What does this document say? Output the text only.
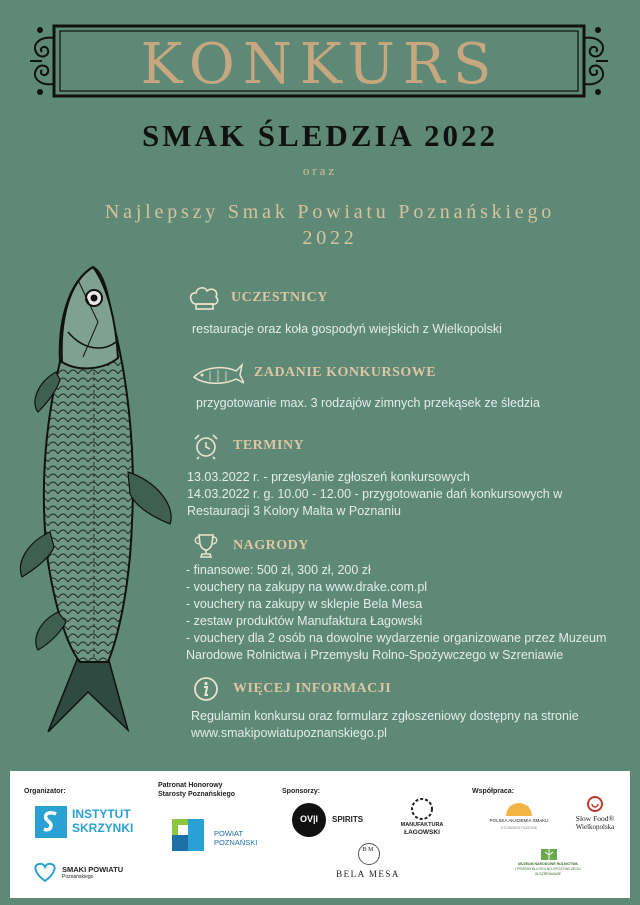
KONKURS
SMAK ŚLEDZIA 2022
oraz
Najlepszy Smak Powiatu Poznańskiego
2022
UCZESTNICY
restauracje oraz koła gospodyń wiejskich z Wielkopolski
ZADANIE KONKURSOWE
przygotowanie max. 3 rodzajów zimnych przekąsek ze śledzia
TERMINY
13.03.2022 r. - przesyłanie zgłoszeń konkursowych
14.03.2022 r. g. 10.00 - 12.00 - przygotowanie dań konkursowych w
Restauracji 3 Kolory Malta w Poznaniu
NAGRODY
- finansowe: 500 zł, 300 zł, 200 zł
- vouchery na zakupy na www.drake.com.pl
- vouchery na zakupy w sklepie Bela Mesa
- zestaw produktów Manufaktura Łagowski
- vouchery dla 2 osób na dowolne wydarzenie organizowane przez Muzeum
Narodowe Rolnictwa i Przemysłu Rolno-Spożywczego w Szreniawie
WIĘCEJ INFORMACJI
Regulamin konkursu oraz formularz zgłoszeniowy dostępny na stronie
www.smakipowiatupoznanskiego.pl
Organizator:
Patronat Honorowy
Starosty Poznańskiego	Sponsorzy:	Współpraca:
INSTYTUT
SKRZYNKI
SMAKI POWIATU
Poznańskiego
POWIAT
POZNAŃSKI
OV|I	SPIRITS
MANUFAKTURA
ŁAGOWSKI
B M
BELA MESA
POLSKA AKADEMIA SMAKU
STOWARZYSZENIE
Slow Food®
Wielkopolska
MUZEUM NARODOWE ROLNICTWA
I PRZEMYSŁU ROLNO-SPOŻYWCZEGO
W SZRENIAWIE
